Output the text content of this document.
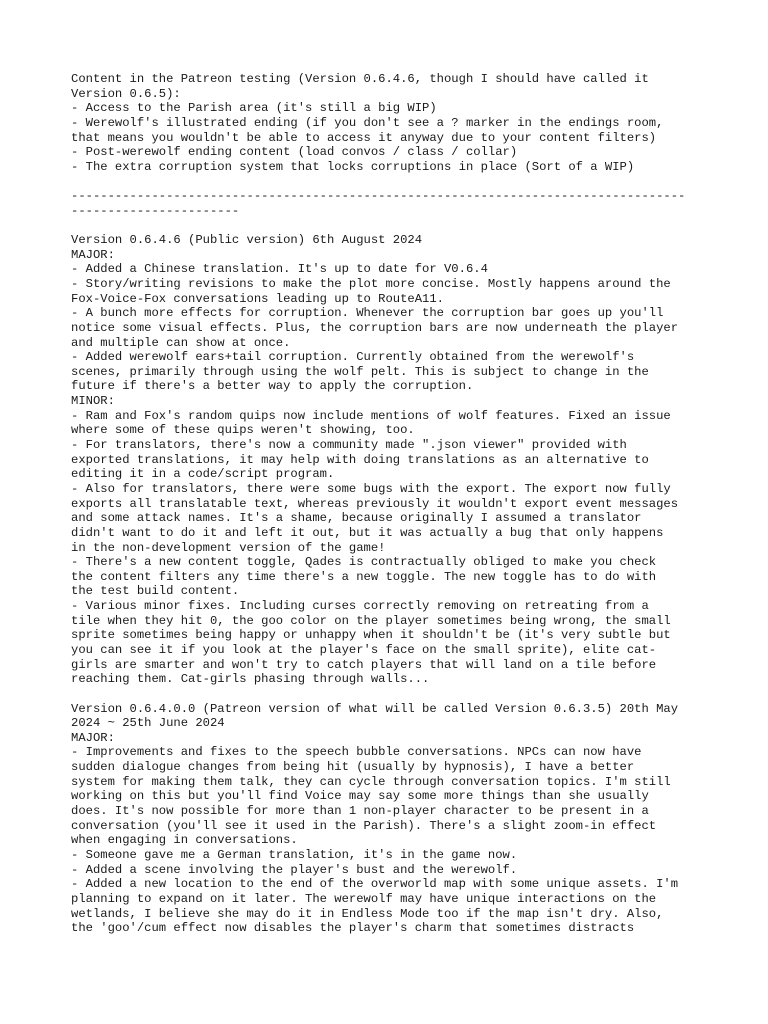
Content in the Patreon testing (Version 0.6.4.6, though I should have called it
Version 0.6.5):
- Access to the Parish area (it's still a big WIP)
- Werewolf's illustrated ending (if you don't see a ? marker in the endings room,
that means you wouldn't be able to access it anyway due to your content filters)
- Post-werewolf ending content (load convos / class / collar)
- The extra corruption system that locks corruptions in place (Sort of a WIP)
------------------------------------------------------------------------------------
-----------------------
Version 0.6.4.6 (Public version) 6th August 2024
MAJOR:
- Added a Chinese translation. It's up to date for V0.6.4
- Story/writing revisions to make the plot more concise. Mostly happens around the
Fox-Voice-Fox conversations leading up to RouteA11.
- A bunch more effects for corruption. Whenever the corruption bar goes up you'll
notice some visual effects. Plus, the corruption bars are now underneath the player
and multiple can show at once.
- Added werewolf ears+tail corruption. Currently obtained from the werewolf's
scenes, primarily through using the wolf pelt. This is subject to change in the
future if there's a better way to apply the corruption.
MINOR:
- Ram and Fox's random quips now include mentions of wolf features. Fixed an issue
where some of these quips weren't showing, too.
- For translators, there's now a community made ".json viewer" provided with
exported translations, it may help with doing translations as an alternative to
editing it in a code/script program.
- Also for translators, there were some bugs with the export. The export now fully
exports all translatable text, whereas previously it wouldn't export event messages
and some attack names. It's a shame, because originally I assumed a translator
didn't want to do it and left it out, but it was actually a bug that only happens
in the non-development version of the game!
- There's a new content toggle, Qades is contractually obliged to make you check
the content filters any time there's a new toggle. The new toggle has to do with
the test build content.
- Various minor fixes. Including curses correctly removing on retreating from a
tile when they hit 0, the goo color on the player sometimes being wrong, the small
sprite sometimes being happy or unhappy when it shouldn't be (it's very subtle but
you can see it if you look at the player's face on the small sprite), elite cat-
girls are smarter and won't try to catch players that will land on a tile before
reaching them. Cat-girls phasing through walls...
Version 0.6.4.0.0 (Patreon version of what will be called Version 0.6.3.5) 20th May
2024 ~ 25th June 2024
MAJOR:
- Improvements and fixes to the speech bubble conversations. NPCs can now have
sudden dialogue changes from being hit (usually by hypnosis), I have a better
system for making them talk, they can cycle through conversation topics. I'm still
working on this but you'll find Voice may say some more things than she usually
does. It's now possible for more than 1 non-player character to be present in a
conversation (you'll see it used in the Parish). There's a slight zoom-in effect
when engaging in conversations.
- Someone gave me a German translation, it's in the game now.
- Added a scene involving the player's bust and the werewolf.
- Added a new location to the end of the overworld map with some unique assets. I'm
planning to expand on it later. The werewolf may have unique interactions on the
wetlands, I believe she may do it in Endless Mode too if the map isn't dry. Also,
the 'goo'/cum effect now disables the player's charm that sometimes distracts
